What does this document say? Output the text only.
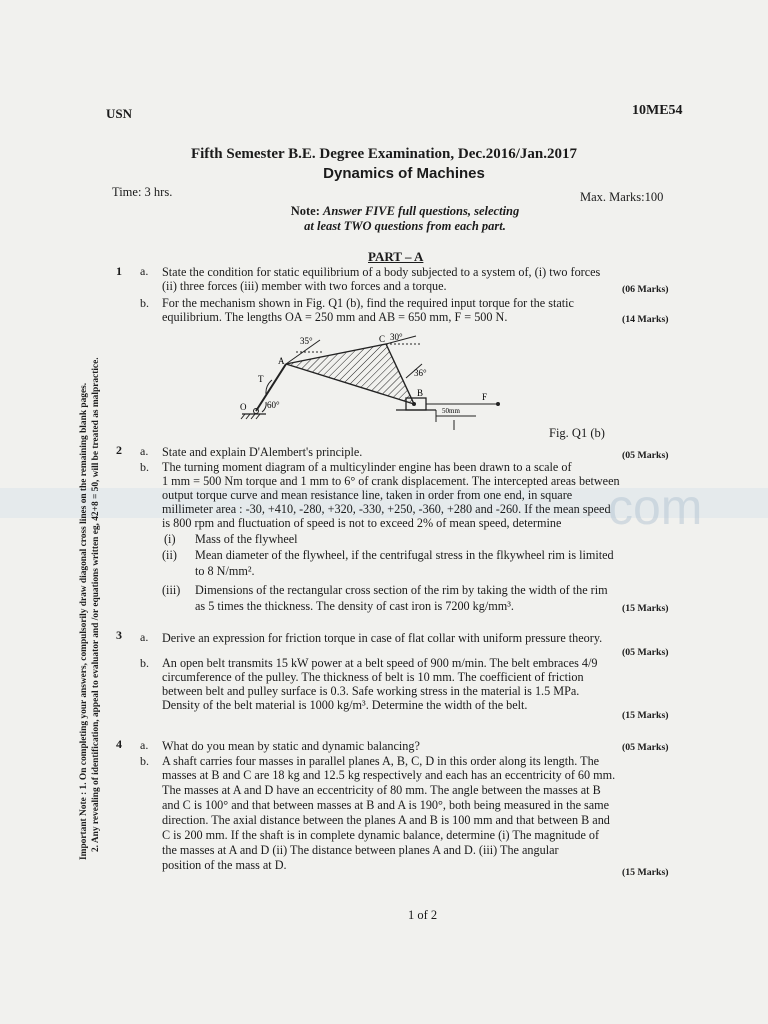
com
Important Note : 1. On completing your answers, compulsorily draw diagonal cross lines on the remaining blank pages. 2. Any revealing of identification, appeal to evaluator and /or equations written eg, 42+8 = 50, will be treated as malpractice.
USN	10ME54
Fifth Semester B.E. Degree Examination, Dec.2016/Jan.2017
Dynamics of Machines
Time: 3 hrs.	Max. Marks:100
Note: Answer FIVE full questions, selecting
at least TWO questions from each part.
PART – A
1 a. State the condition for static equilibrium of a body subjected to a system of, (i) two forces
(ii) three forces (iii) member with two forces and a torque.	(06 Marks)
b. For the mechanism shown in Fig. Q1 (b), find the required input torque for the static
equilibrium. The lengths OA = 250 mm and AB = 650 mm, F = 500 N.	(14 Marks)
35°	30°
36°
60°
C
A
B
O
T
F
50mm
Fig. Q1 (b)
2 a. State and explain D'Alembert's principle.	(05 Marks)
b. The turning moment diagram of a multicylinder engine has been drawn to a scale of
1 mm = 500 Nm torque and 1 mm to 6° of crank displacement. The intercepted areas between
output torque curve and mean resistance line, taken in order from one end, in square
millimeter area : -30, +410, -280, +320, -330, +250, -360, +280 and -260. If the mean speed
is 800 rpm and fluctuation of speed is not to exceed 2% of mean speed, determine
(i) Mass of the flywheel
(ii) Mean diameter of the flywheel, if the centrifugal stress in the flkywheel rim is limited
to 8 N/mm².
(iii) Dimensions of the rectangular cross section of the rim by taking the width of the rim
as 5 times the thickness. The density of cast iron is 7200 kg/mm³.	(15 Marks)
3 a. Derive an expression for friction torque in case of flat collar with uniform pressure theory.
(05 Marks)
b. An open belt transmits 15 kW power at a belt speed of 900 m/min. The belt embraces 4/9
circumference of the pulley. The thickness of belt is 10 mm. The coefficient of friction
between belt and pulley surface is 0.3. Safe working stress in the material is 1.5 MPa.
Density of the belt material is 1000 kg/m³. Determine the width of the belt.
(15 Marks)
4 a. What do you mean by static and dynamic balancing?	(05 Marks)
b. A shaft carries four masses in parallel planes A, B, C, D in this order along its length. The
masses at B and C are 18 kg and 12.5 kg respectively and each has an eccentricity of 60 mm.
The masses at A and D have an eccentricity of 80 mm. The angle between the masses at B
and C is 100° and that between masses at B and A is 190°, both being measured in the same
direction. The axial distance between the planes A and B is 100 mm and that between B and
C is 200 mm. If the shaft is in complete dynamic balance, determine (i) The magnitude of
the masses at A and D (ii) The distance between planes A and D. (iii) The angular
position of the mass at D.
(15 Marks)
1 of 2
